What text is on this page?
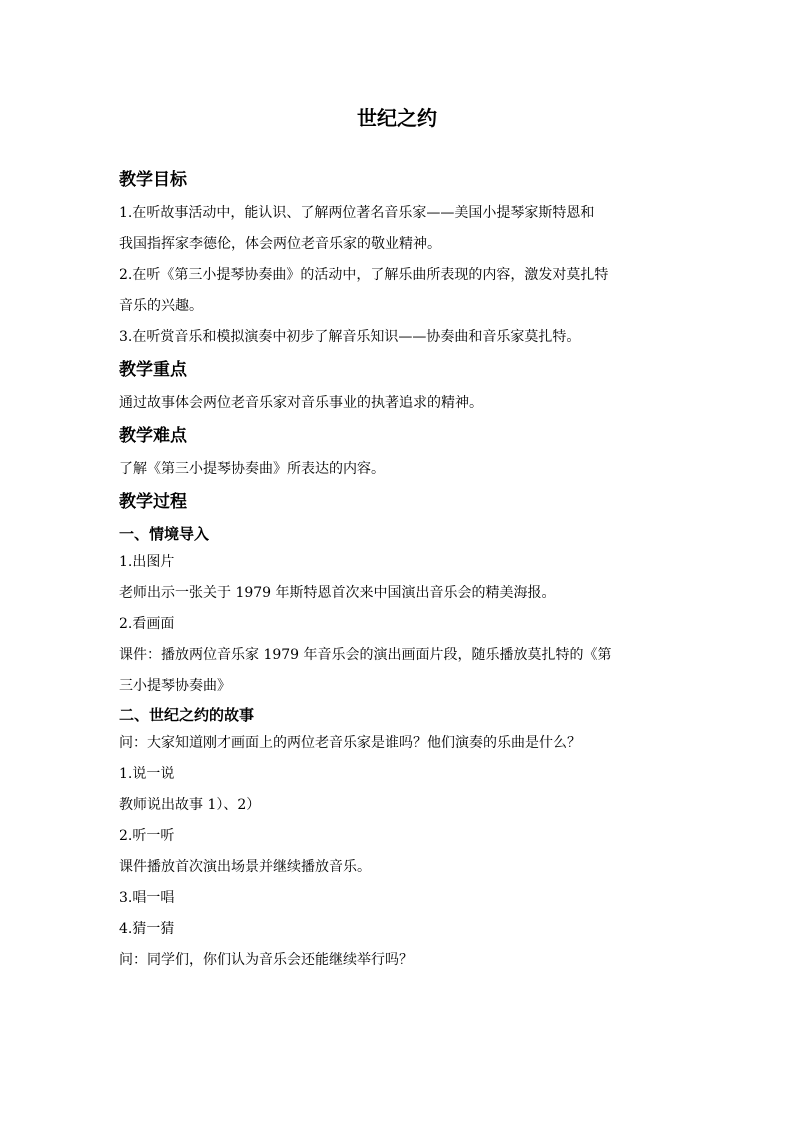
世纪之约
教学目标
1.在听故事活动中，能认识、了解两位著名音乐家——美国小提琴家斯特恩和
我国指挥家李德伦，体会两位老音乐家的敬业精神。
2.在听《第三小提琴协奏曲》的活动中，了解乐曲所表现的内容，激发对莫扎特
音乐的兴趣。
3.在听赏音乐和模拟演奏中初步了解音乐知识——协奏曲和音乐家莫扎特。
教学重点
通过故事体会两位老音乐家对音乐事业的执著追求的精神。
教学难点
了解《第三小提琴协奏曲》所表达的内容。
教学过程
一、情境导入
1.出图片
老师出示一张关于 1979 年斯特恩首次来中国演出音乐会的精美海报。
2.看画面
课件：播放两位音乐家 1979 年音乐会的演出画面片段，随乐播放莫扎特的《第
三小提琴协奏曲》
二、世纪之约的故事
问：大家知道刚才画面上的两位老音乐家是谁吗？他们演奏的乐曲是什么？
1.说一说
教师说出故事 1）、2）
2.听一听
课件播放首次演出场景并继续播放音乐。
3.唱一唱
4.猜一猜
问：同学们，你们认为音乐会还能继续举行吗？
